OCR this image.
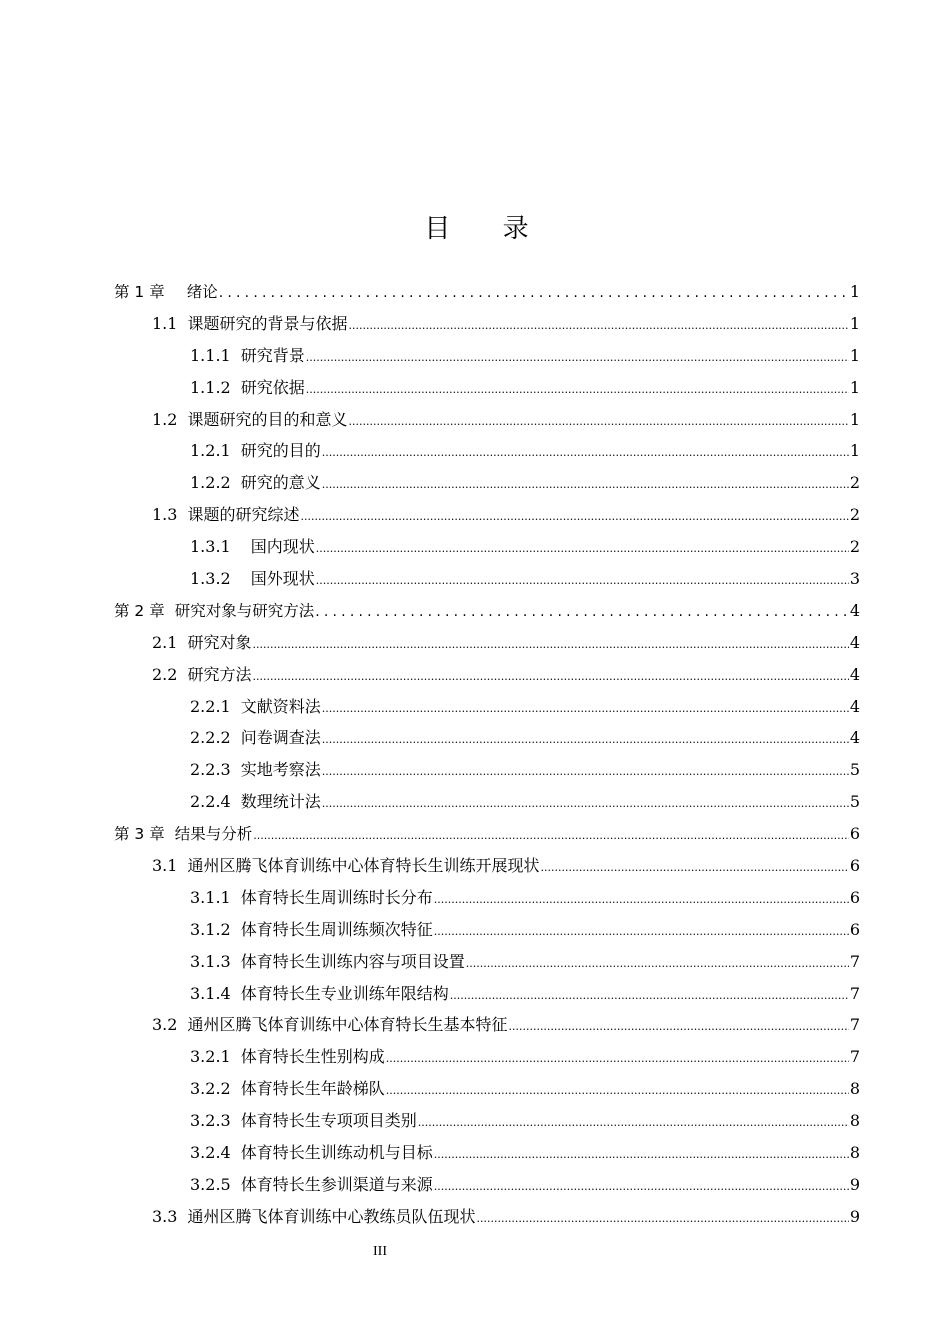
目 录
第 1 章 绪论 .....	1
1.1 课题研究的背景与依据 .....	1
1.1.1 研究背景 .....	1
1.1.2 研究依据 .....	1
1.2 课题研究的目的和意义 .....	1
1.2.1 研究的目的 .....	1
1.2.2 研究的意义 .....	2
1.3 课题的研究综述 .....	2
1.3.1 国内现状 .....	2
1.3.2 国外现状 .....	3
第 2 章 研究对象与研究方法 .....	4
2.1 研究对象 .....	4
2.2 研究方法 .....	4
2.2.1 文献资料法 .....	4
2.2.2 问卷调查法 .....	4
2.2.3 实地考察法 .....	5
2.2.4 数理统计法 .....	5
第 3 章 结果与分析 .....	6
3.1 通州区腾飞体育训练中心体育特长生训练开展现状 .....	6
3.1.1 体育特长生周训练时长分布 .....	6
3.1.2 体育特长生周训练频次特征 .....	6
3.1.3 体育特长生训练内容与项目设置 .....	7
3.1.4 体育特长生专业训练年限结构 .....	7
3.2 通州区腾飞体育训练中心体育特长生基本特征 .....	7
3.2.1 体育特长生性别构成 .....	7
3.2.2 体育特长生年龄梯队 .....	8
3.2.3 体育特长生专项项目类别 .....	8
3.2.4 体育特长生训练动机与目标 .....	8
3.2.5 体育特长生参训渠道与来源 .....	9
3.3 通州区腾飞体育训练中心教练员队伍现状 .....	9
III
